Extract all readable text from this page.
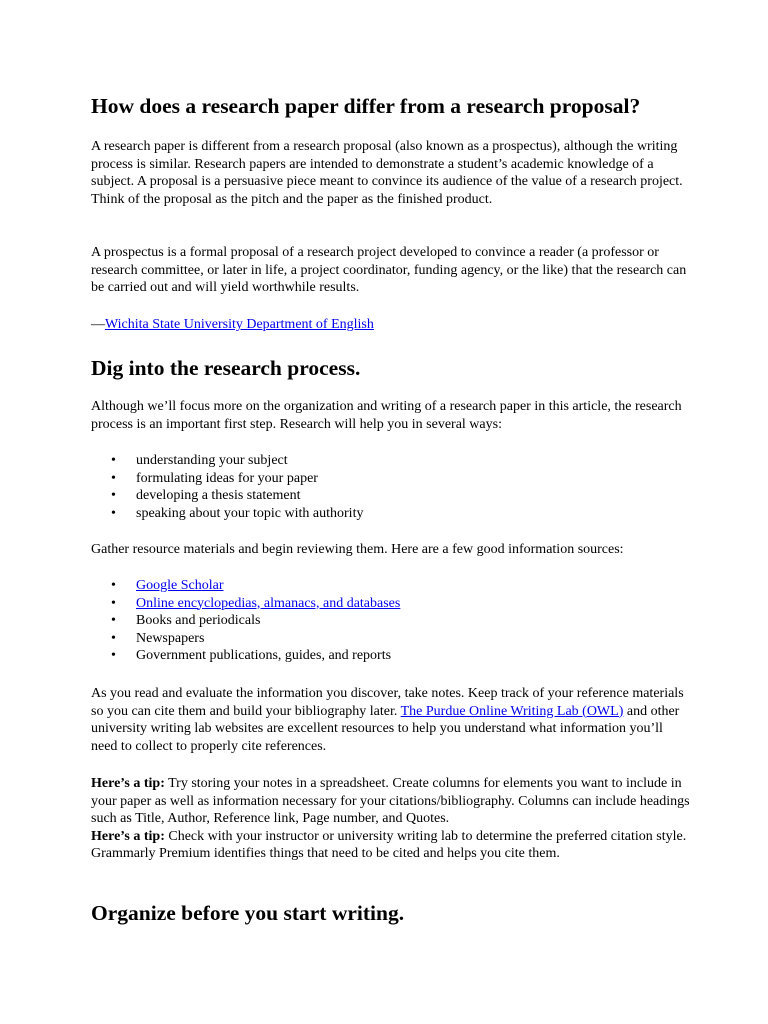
How does a research paper differ from a research proposal?

A research paper is different from a research proposal (also known as a prospectus), although the writing process is similar. Research papers are intended to demonstrate a student’s academic knowledge of a subject. A proposal is a persuasive piece meant to convince its audience of the value of a research project. Think of the proposal as the pitch and the paper as the finished product.

A prospectus is a formal proposal of a research project developed to convince a reader (a professor or research committee, or later in life, a project coordinator, funding agency, or the like) that the research can be carried out and will yield worthwhile results.

—Wichita State University Department of English

Dig into the research process.

Although we’ll focus more on the organization and writing of a research paper in this article, the research process is an important first step. Research will help you in several ways:

• understanding your subject
• formulating ideas for your paper
• developing a thesis statement
• speaking about your topic with authority

Gather resource materials and begin reviewing them. Here are a few good information sources:

• Google Scholar
• Online encyclopedias, almanacs, and databases
• Books and periodicals
• Newspapers
• Government publications, guides, and reports

As you read and evaluate the information you discover, take notes. Keep track of your reference materials so you can cite them and build your bibliography later. The Purdue Online Writing Lab (OWL) and other university writing lab websites are excellent resources to help you understand what information you’ll need to collect to properly cite references.

Here’s a tip: Try storing your notes in a spreadsheet. Create columns for elements you want to include in your paper as well as information necessary for your citations/bibliography. Columns can include headings such as Title, Author, Reference link, Page number, and Quotes.

Here’s a tip: Check with your instructor or university writing lab to determine the preferred citation style. Grammarly Premium identifies things that need to be cited and helps you cite them.

Organize before you start writing.
